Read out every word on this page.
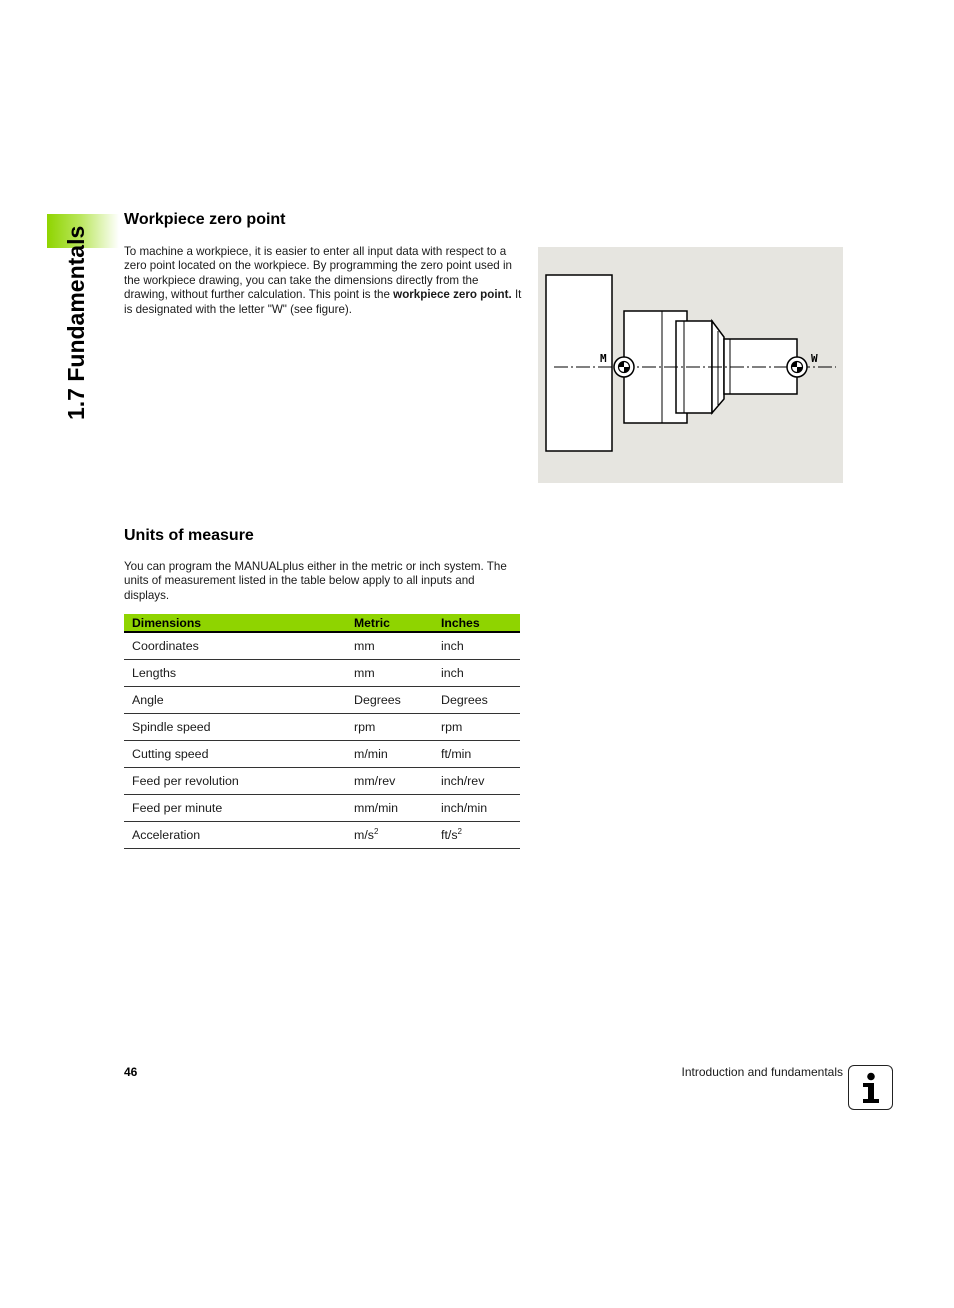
1.7 Fundamentals
Workpiece zero point

To machine a workpiece, it is easier to enter all input data with respect to a zero point located on the workpiece. By programming the zero point used in the workpiece drawing, you can take the dimensions directly from the drawing, without further calculation. This point is the workpiece zero point. It is designated with the letter "W" (see figure).

M	W
Units of measure

You can program the MANUALplus either in the metric or inch system. The units of measurement listed in the table below apply to all inputs and displays.

Dimensions	Metric	Inches
Coordinates	mm	inch
Lengths	mm	inch
Angle	Degrees	Degrees
Spindle speed	rpm	rpm
Cutting speed	m/min	ft/min
Feed per revolution	mm/rev	inch/rev
Feed per minute	mm/min	inch/min
Acceleration	$m/s^2$	$ft/s^2$
46	Introduction and fundamentals
